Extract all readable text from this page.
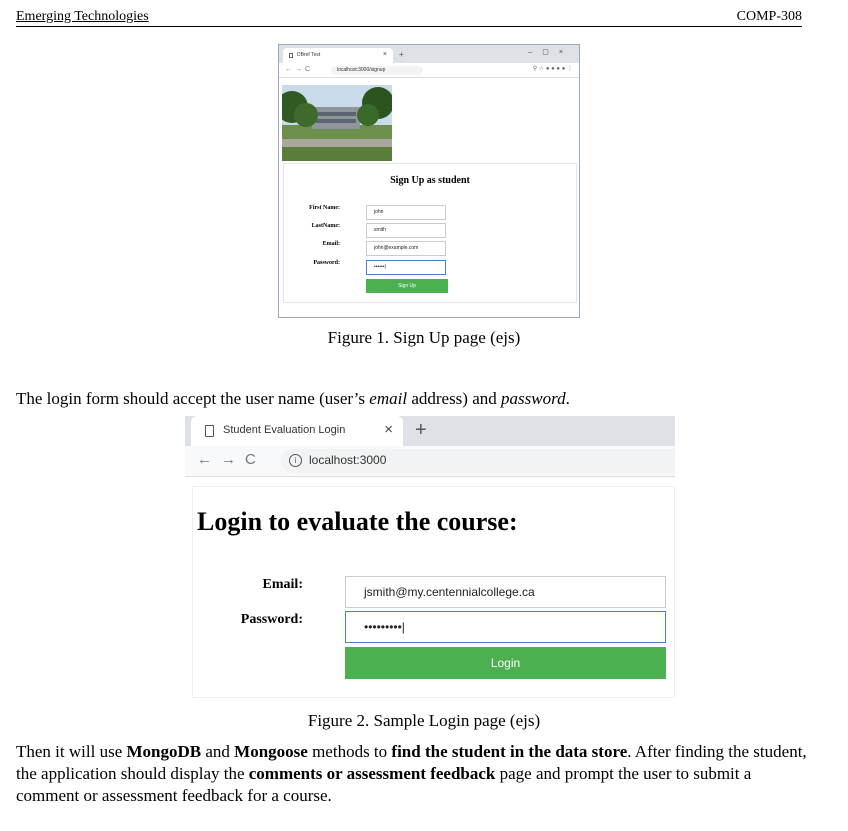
Emerging Technologies	COMP-308
DBref Test	× +	–▢×
←→C	localhost:3000/signup	⚲ ☆ ● ● ● ● ⋮
Sign Up as student
First Name:
john
LastName:
smith
Email:
john@example.com
Password:
••••••|
Sign Up
Figure 1. Sign Up page (ejs)
The login form should accept the user name (user’s email address) and password.
Student Evaluation Login	× +
←→C	i	localhost:3000
Login to evaluate the course:
Email:	jsmith@my.centennialcollege.ca
Password:	•••••••••|
Login
Figure 2. Sample Login page (ejs)
Then it will use MongoDB and Mongoose methods to find the student in the data store. After finding the student, the application should display the comments or assessment feedback page and prompt the user to submit a comment or assessment feedback for a course.
